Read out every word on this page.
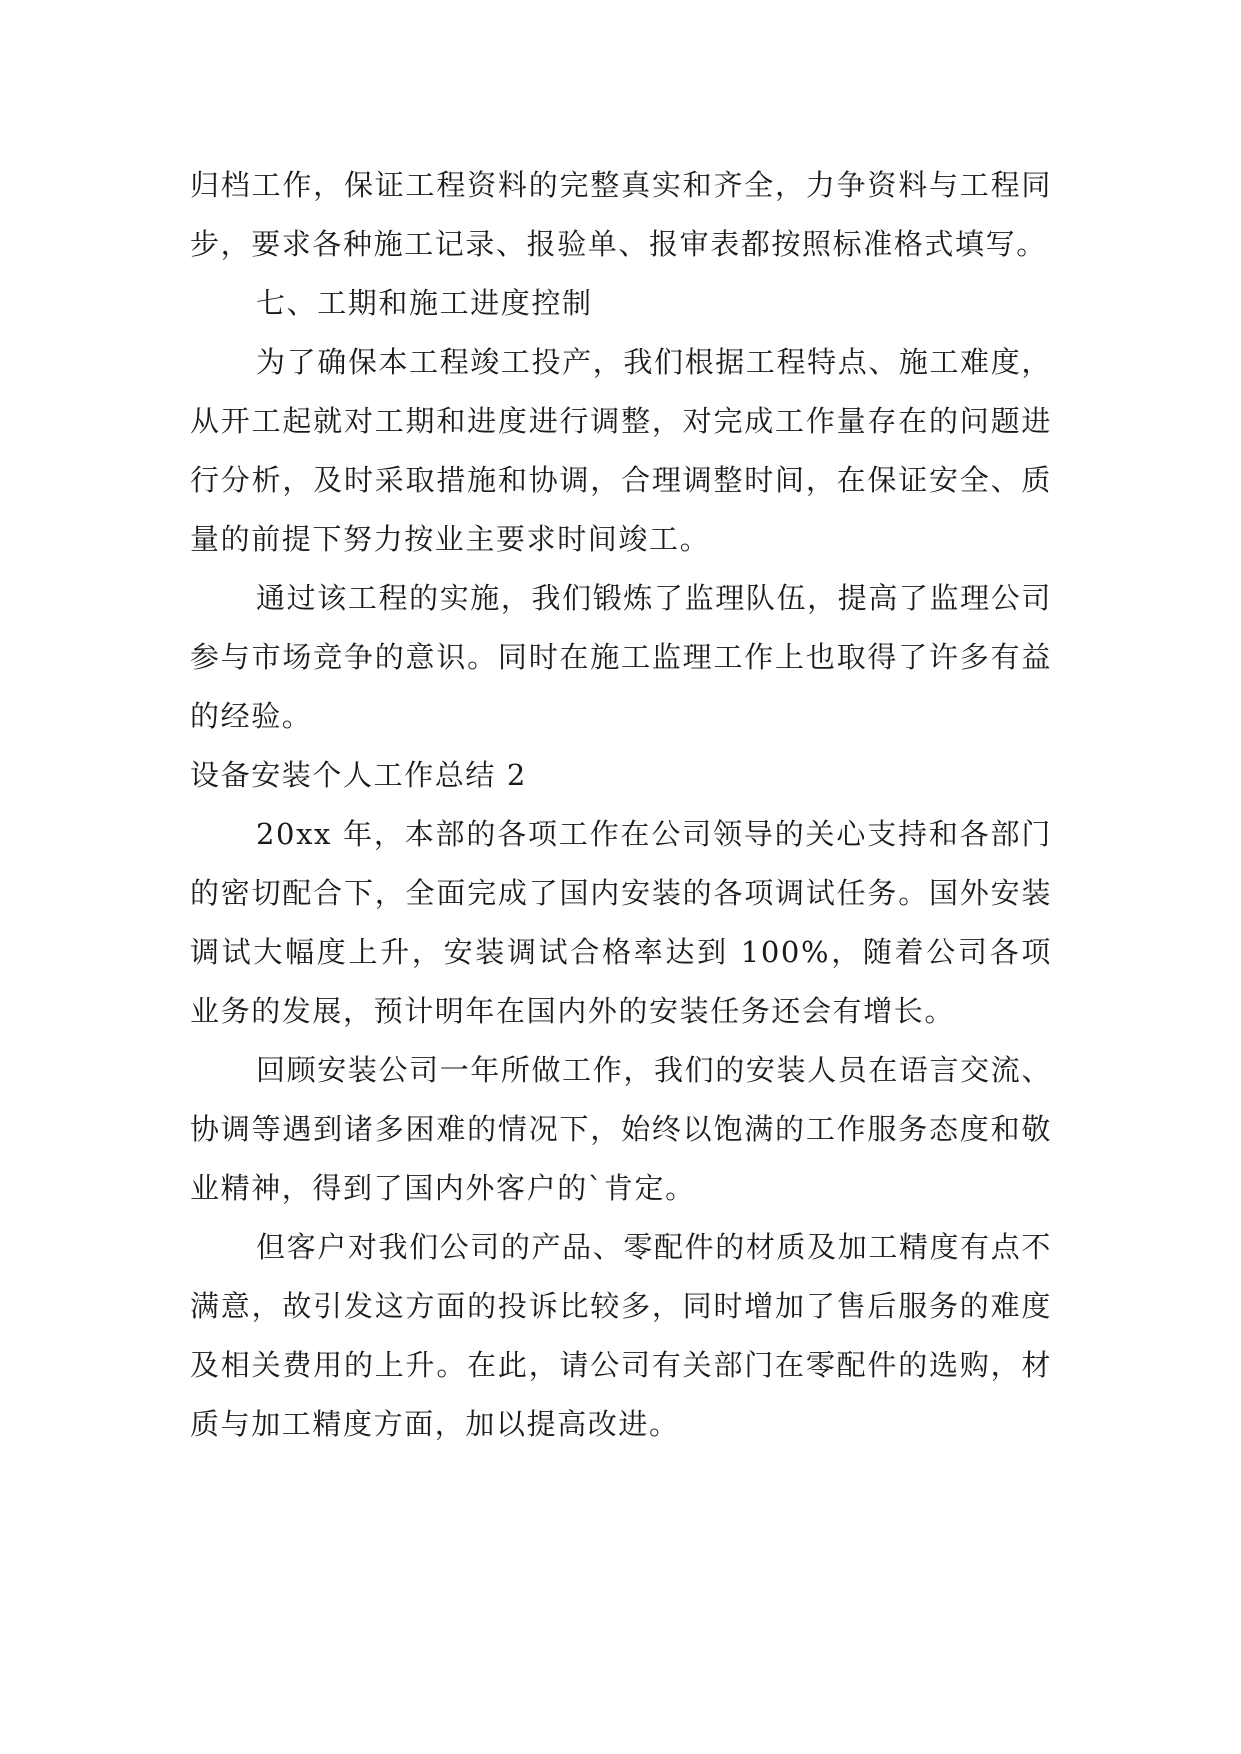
归档工作，保证工程资料的完整真实和齐全，力争资料与工程同步，要求各种施工记录、报验单、报审表都按照标准格式填写。

七、工期和施工进度控制

为了确保本工程竣工投产，我们根据工程特点、施工难度，从开工起就对工期和进度进行调整，对完成工作量存在的问题进行分析，及时采取措施和协调，合理调整时间，在保证安全、质量的前提下努力按业主要求时间竣工。

通过该工程的实施，我们锻炼了监理队伍，提高了监理公司参与市场竞争的意识。同时在施工监理工作上也取得了许多有益的经验。

设备安装个人工作总结 2

20xx 年，本部的各项工作在公司领导的关心支持和各部门的密切配合下，全面完成了国内安装的各项调试任务。国外安装调试大幅度上升，安装调试合格率达到 100%，随着公司各项业务的发展，预计明年在国内外的安装任务还会有增长。

回顾安装公司一年所做工作，我们的安装人员在语言交流、协调等遇到诸多困难的情况下，始终以饱满的工作服务态度和敬业精神，得到了国内外客户的`肯定。

但客户对我们公司的产品、零配件的材质及加工精度有点不满意，故引发这方面的投诉比较多，同时增加了售后服务的难度及相关费用的上升。在此，请公司有关部门在零配件的选购，材质与加工精度方面，加以提高改进。
